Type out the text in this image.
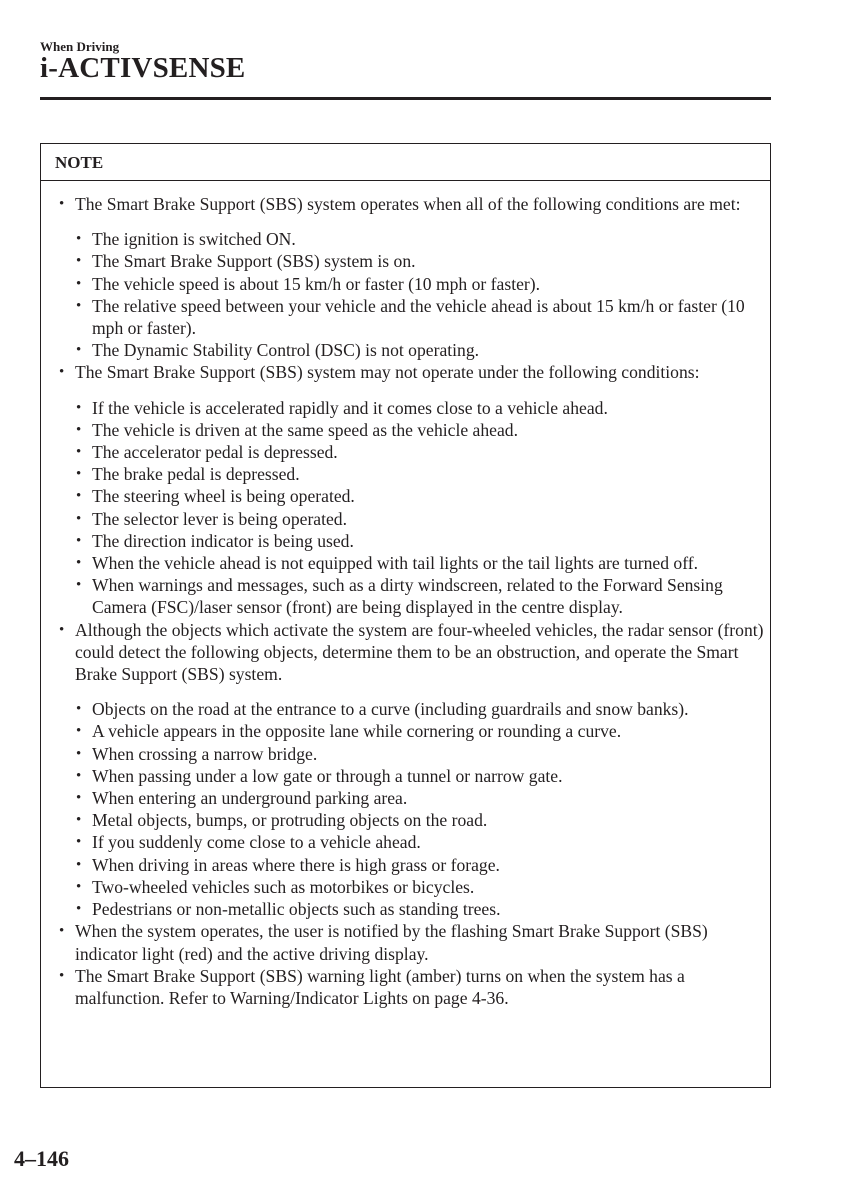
When Driving
i-ACTIVSENSE
NOTE
• The Smart Brake Support (SBS) system operates when all of the following conditions are met:
• The ignition is switched ON.
• The Smart Brake Support (SBS) system is on.
• The vehicle speed is about 15 km/h or faster (10 mph or faster).
• The relative speed between your vehicle and the vehicle ahead is about 15 km/h or faster (10 mph or faster).
• The Dynamic Stability Control (DSC) is not operating.
• The Smart Brake Support (SBS) system may not operate under the following conditions:
• If the vehicle is accelerated rapidly and it comes close to a vehicle ahead.
• The vehicle is driven at the same speed as the vehicle ahead.
• The accelerator pedal is depressed.
• The brake pedal is depressed.
• The steering wheel is being operated.
• The selector lever is being operated.
• The direction indicator is being used.
• When the vehicle ahead is not equipped with tail lights or the tail lights are turned off.
• When warnings and messages, such as a dirty windscreen, related to the Forward Sensing Camera (FSC)/laser sensor (front) are being displayed in the centre display.
• Although the objects which activate the system are four-wheeled vehicles, the radar sensor (front) could detect the following objects, determine them to be an obstruction, and operate the Smart Brake Support (SBS) system.
• Objects on the road at the entrance to a curve (including guardrails and snow banks).
• A vehicle appears in the opposite lane while cornering or rounding a curve.
• When crossing a narrow bridge.
• When passing under a low gate or through a tunnel or narrow gate.
• When entering an underground parking area.
• Metal objects, bumps, or protruding objects on the road.
• If you suddenly come close to a vehicle ahead.
• When driving in areas where there is high grass or forage.
• Two-wheeled vehicles such as motorbikes or bicycles.
• Pedestrians or non-metallic objects such as standing trees.
• When the system operates, the user is notified by the flashing Smart Brake Support (SBS) indicator light (red) and the active driving display.
• The Smart Brake Support (SBS) warning light (amber) turns on when the system has a malfunction. Refer to Warning/Indicator Lights on page 4-36.
4–146
